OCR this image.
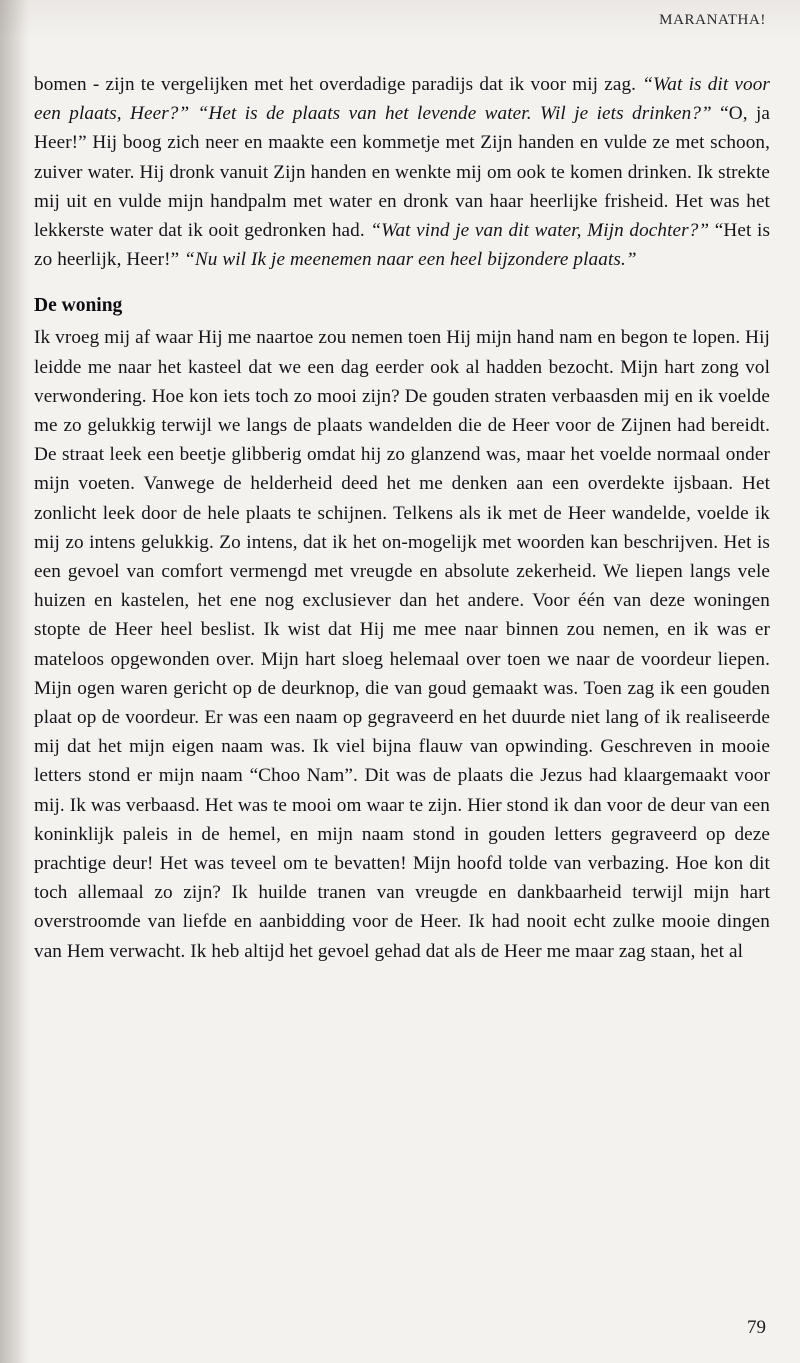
MARANATHA!

bomen - zijn te vergelijken met het overdadige paradijs dat ik voor mij zag. “Wat is dit voor een plaats, Heer?” “Het is de plaats van het levende water. Wil je iets drinken?” “O, ja Heer!” Hij boog zich neer en maakte een kommetje met Zijn handen en vulde ze met schoon, zuiver water. Hij dronk vanuit Zijn handen en wenkte mij om ook te komen drinken. Ik strekte mij uit en vulde mijn handpalm met water en dronk van haar heerlijke frisheid. Het was het lekkerste water dat ik ooit gedronken had. “Wat vind je van dit water, Mijn dochter?” “Het is zo heerlijk, Heer!” “Nu wil Ik je meenemen naar een heel bijzondere plaats.”

De woning

Ik vroeg mij af waar Hij me naartoe zou nemen toen Hij mijn hand nam en begon te lopen. Hij leidde me naar het kasteel dat we een dag eerder ook al hadden bezocht. Mijn hart zong vol verwondering. Hoe kon iets toch zo mooi zijn? De gouden straten verbaasden mij en ik voelde me zo gelukkig terwijl we langs de plaats wandelden die de Heer voor de Zijnen had bereidt. De straat leek een beetje glibberig omdat hij zo glanzend was, maar het voelde normaal onder mijn voeten. Vanwege de helderheid deed het me denken aan een overdekte ijsbaan. Het zonlicht leek door de hele plaats te schijnen. Telkens als ik met de Heer wandelde, voelde ik mij zo intens gelukkig. Zo intens, dat ik het on-mogelijk met woorden kan beschrijven. Het is een gevoel van comfort vermengd met vreugde en absolute zekerheid. We liepen langs vele huizen en kastelen, het ene nog exclusiever dan het andere. Voor één van deze woningen stopte de Heer heel beslist. Ik wist dat Hij me mee naar binnen zou nemen, en ik was er mateloos opgewonden over. Mijn hart sloeg helemaal over toen we naar de voordeur liepen. Mijn ogen waren gericht op de deurknop, die van goud gemaakt was. Toen zag ik een gouden plaat op de voordeur. Er was een naam op gegraveerd en het duurde niet lang of ik realiseerde mij dat het mijn eigen naam was. Ik viel bijna flauw van opwinding. Geschreven in mooie letters stond er mijn naam “Choo Nam”. Dit was de plaats die Jezus had klaargemaakt voor mij. Ik was verbaasd. Het was te mooi om waar te zijn. Hier stond ik dan voor de deur van een koninklijk paleis in de hemel, en mijn naam stond in gouden letters gegraveerd op deze prachtige deur! Het was teveel om te bevatten! Mijn hoofd tolde van verbazing. Hoe kon dit toch allemaal zo zijn? Ik huilde tranen van vreugde en dankbaarheid terwijl mijn hart overstroomde van liefde en aanbidding voor de Heer. Ik had nooit echt zulke mooie dingen van Hem verwacht. Ik heb altijd het gevoel gehad dat als de Heer me maar zag staan, het al

79
